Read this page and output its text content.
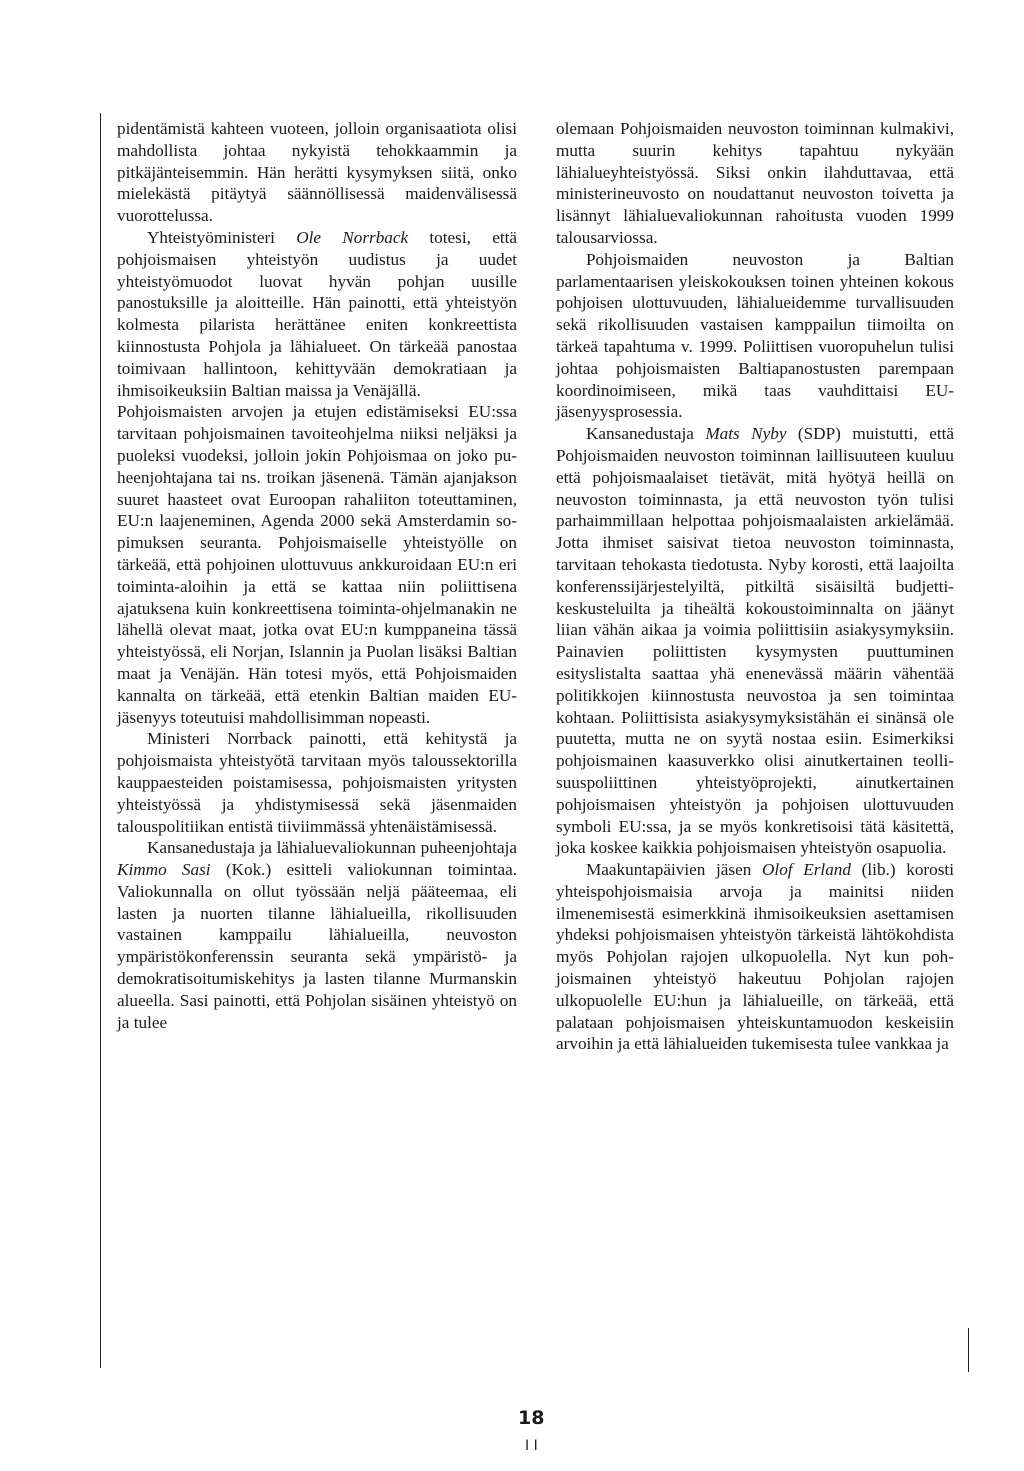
pidentämistä kahteen vuoteen, jolloin organisaatiota olisi mahdollista johtaa nykyistä tehokkaammin ja pitkäjänteisemmin. Hän herätti kysymyksen siitä, onko mielekästä pitäytyä säännöllisessä maidenvälisessä vuorottelussa.

Yhteistyöministeri Ole Norrback totesi, että pohjoismaisen yhteistyön uudistus ja uudet yhteistyömuodot luovat hyvän pohjan uusille panostuksille ja aloitteille. Hän painotti, että yhteistyön kolmesta pilarista herättänee eniten konkreettista kiinnostusta Pohjola ja lähialueet. On tärkeää panostaa toimivaan hallintoon, kehittyvään demokratiaan ja ihmisoikeuksiin Baltian maissa ja Venäjällä.

Pohjoismaisten arvojen ja etujen edistämiseksi EU:ssa tarvitaan pohjoismainen tavoiteohjelma niiksi neljäksi ja puoleksi vuodeksi, jolloin jokin Pohjoismaa on joko puheenjohtajana tai ns. troikan jäsenenä. Tämän ajanjakson suuret haasteet ovat Euroopan rahaliiton toteuttaminen, EU:n laajeneminen, Agenda 2000 sekä Amsterdamin sopimuksen seuranta. Pohjoismaiselle yhteistyölle on tärkeää, että pohjoinen ulottuvuus ankkuroidaan EU:n eri toiminta-aloihin ja että se kattaa niin poliittisena ajatuksena kuin konkreettisena toiminta-ohjelmanakin ne lähellä olevat maat, jotka ovat EU:n kumppaneina tässä yhteistyössä, eli Norjan, Islannin ja Puolan lisäksi Baltian maat ja Venäjän. Hän totesi myös, että Pohjoismaiden kannalta on tärkeää, että etenkin Baltian maiden EU-jäsenyys toteutuisi mahdollisimman nopeasti.

Ministeri Norrback painotti, että kehitystä ja pohjoismaista yhteistyötä tarvitaan myös taloussektorilla kauppaesteiden poistamisessa, pohjoismaisten yritysten yhteistyössä ja yhdistymisessä sekä jäsenmaiden talouspolitiikan entistä tiiviimmässä yhtenäistämisessä.

Kansanedustaja ja lähialuevaliokunnan puheenjohtaja Kimmo Sasi (Kok.) esitteli valiokunnan toimintaa. Valiokunnalla on ollut työssään neljä pääteemaa, eli lasten ja nuorten tilanne lähialueilla, rikollisuuden vastainen kamppailu lähialueilla, neuvoston ympäristökonferenssin seuranta sekä ympäristö- ja demokratisoitumiskehitys ja lasten tilanne Murmanskin alueella. Sasi painotti, että Pohjolan sisäinen yhteistyö on ja tulee

olemaan Pohjoismaiden neuvoston toiminnan kulmakivi, mutta suurin kehitys tapahtuu nykyään lähialueyhteistyössä. Siksi onkin ilahduttavaa, että ministerineuvosto on noudattanut neuvoston toivetta ja lisännyt lähialuevaliokunnan rahoitusta vuoden 1999 talousarviossa.

Pohjoismaiden neuvoston ja Baltian parlamentaarisen yleiskokouksen toinen yhteinen kokous pohjoisen ulottuvuuden, lähialueidemme turvallisuuden sekä rikollisuuden vastaisen kamppailun tiimoilta on tärkeä tapahtuma v. 1999. Poliittisen vuoropuhelun tulisi johtaa pohjoismaisten Baltiapanostusten parempaan koordinoimiseen, mikä taas vauhdittaisi EU-jäsenyysprosessia.

Kansanedustaja Mats Nyby (SDP) muistutti, että Pohjoismaiden neuvoston toiminnan laillisuuteen kuuluu että pohjoismaalaiset tietävät, mitä hyötyä heillä on neuvoston toiminnasta, ja että neuvoston työn tulisi parhaimmillaan helpottaa pohjoismaalaisten arkielämää. Jotta ihmiset saisivat tietoa neuvoston toiminnasta, tarvitaan tehokasta tiedotusta. Nyby korosti, että laajoilta konferenssijärjestelyiltä, pitkiltä sisäisiltä budjettikeskusteluilta ja tiheältä kokoustoiminnalta on jäänyt liian vähän aikaa ja voimia poliittisiin asiakysymyksiin. Painavien poliittisten kysymysten puuttuminen esityslistalta saattaa yhä enenevässä määrin vähentää politikkojen kiinnostusta neuvostoa ja sen toimintaa kohtaan. Poliittisista asiakysymyksistähän ei sinänsä ole puutetta, mutta ne on syytä nostaa esiin. Esimerkiksi pohjoismainen kaasuverkko olisi ainutkertainen teollisuuspoliittinen yhteistyöprojekti, ainutkertainen pohjoismaisen yhteistyön ja pohjoisen ulottuvuuden symboli EU:ssa, ja se myös konkretisoisi tätä käsitettä, joka koskee kaikkia pohjoismaisen yhteistyön osapuolia.

Maakuntapäivien jäsen Olof Erland (lib.) korosti yhteispohjoismaisia arvoja ja mainitsi niiden ilmenemisestä esimerkkinä ihmisoikeuksien asettamisen yhdeksi pohjoismaisen yhteistyön tärkeistä lähtökohdista myös Pohjolan rajojen ulkopuolella. Nyt kun pohjoismainen yhteistyö hakeutuu Pohjolan rajojen ulkopuolelle EU:hun ja lähialueille, on tärkeää, että palataan pohjoismaisen yhteiskuntamuodon keskeisiin arvoihin ja että lähialueiden tukemisesta tulee vankkaa ja

18
I I
